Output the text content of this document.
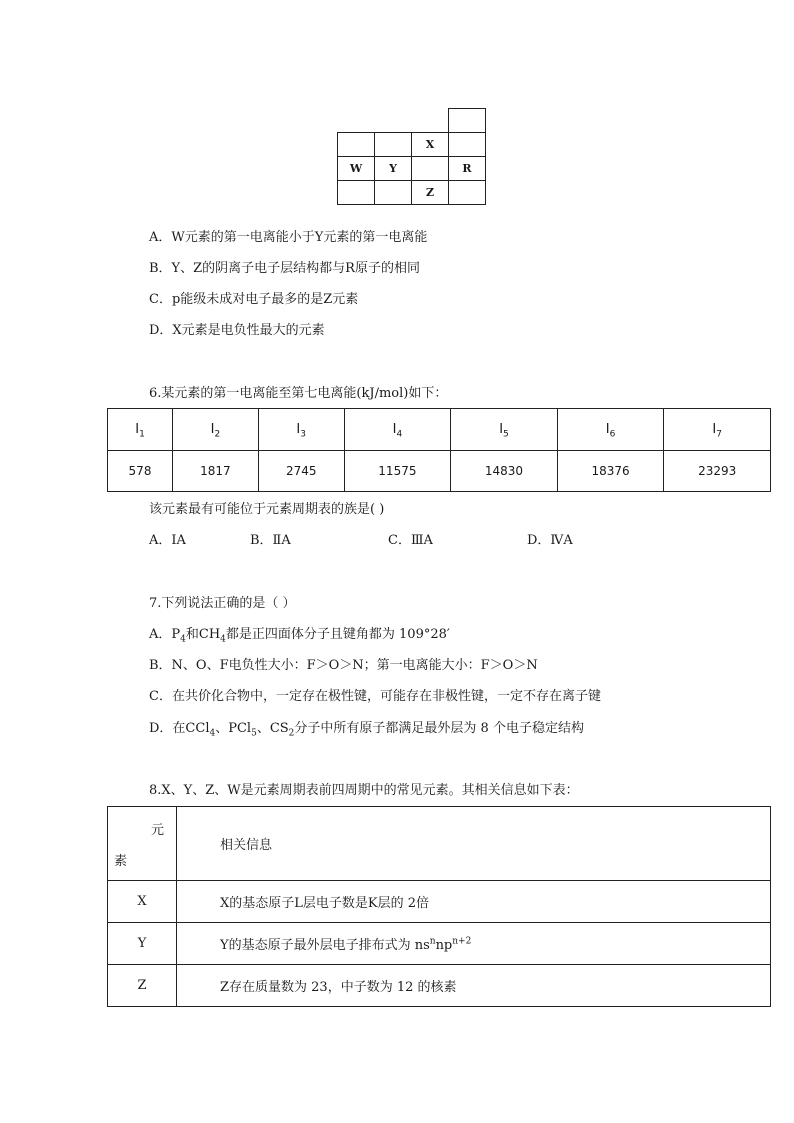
		X	
W	Y		R
		Z	
A．W元素的第一电离能小于Y元素的第一电离能
B．Y、Z的阴离子电子层结构都与R原子的相同
C．p能级未成对电子最多的是Z元素
D．X元素是电负性最大的元素
6.某元素的第一电离能至第七电离能(kJ/mol)如下：
$I_1$	$I_2$	$I_3$	$I_4$	$I_5$	$I_6$	$I_7$
578	1817	2745	11575	14830	18376	23293
该元素最有可能位于元素周期表的族是( )
A．ⅠA	B．ⅡA	C．ⅢA	D．ⅣA
7.下列说法正确的是（ ）
A．$P_4$和$CH_4$都是正四面体分子且键角都为 109°28′
B．N、O、F电负性大小：F＞O＞N；第一电离能大小：F＞O＞N
C．在共价化合物中，一定存在极性键，可能存在非极性键，一定不存在离子键
D．在CCl$_4$、PCl$_5$、$CS_2$分子中所有原子都满足最外层为 8 个电子稳定结构
8.X、Y、Z、W是元素周期表前四周期中的常见元素。其相关信息如下表：
元
素	相关信息
X	X的基态原子L层电子数是K层的 2倍
Y	Y的基态原子最外层电子排布式为 $ns^nnp^{n+2}$
Z	Z存在质量数为 23，中子数为 12 的核素
